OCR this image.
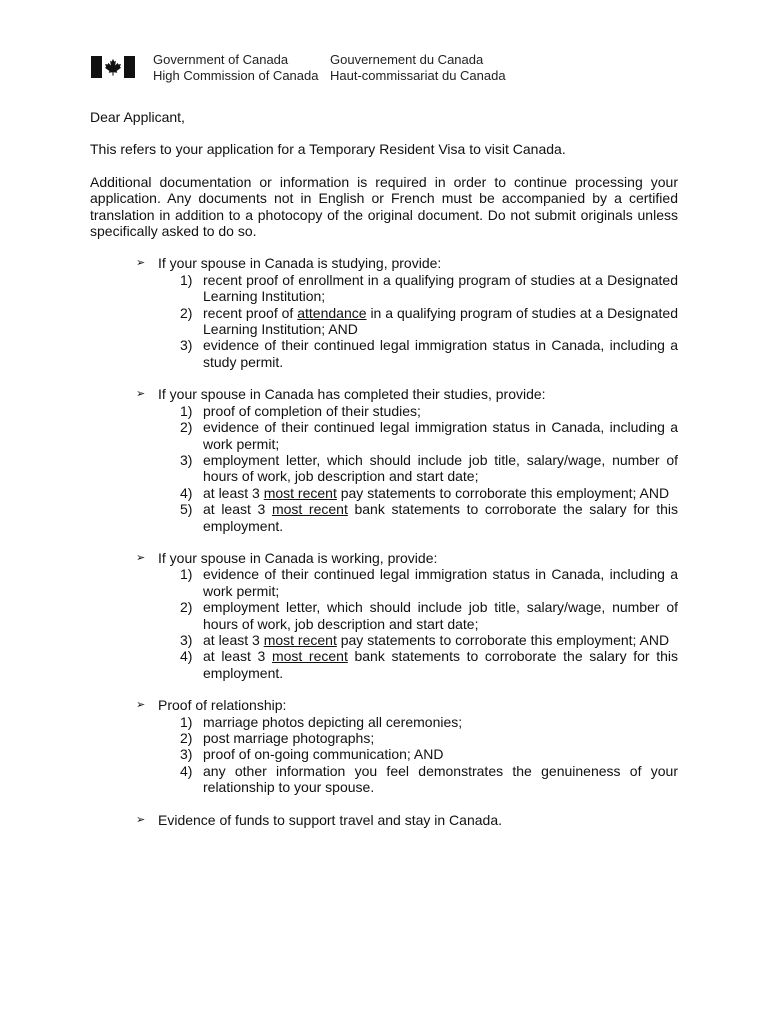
Government of Canada
High Commission of Canada
Gouvernement du Canada
Haut-commissariat du Canada

Dear Applicant,

This refers to your application for a Temporary Resident Visa to visit Canada.

Additional documentation or information is required in order to continue processing your application. Any documents not in English or French must be accompanied by a certified translation in addition to a photocopy of the original document. Do not submit originals unless specifically asked to do so.

➢ If your spouse in Canada is studying, provide:
1) recent proof of enrollment in a qualifying program of studies at a Designated Learning Institution;
2) recent proof of attendance in a qualifying program of studies at a Designated Learning Institution; AND
3) evidence of their continued legal immigration status in Canada, including a study permit.
➢ If your spouse in Canada has completed their studies, provide:
1) proof of completion of their studies;
2) evidence of their continued legal immigration status in Canada, including a work permit;
3) employment letter, which should include job title, salary/wage, number of hours of work, job description and start date;
4) at least 3 most recent pay statements to corroborate this employment; AND
5) at least 3 most recent bank statements to corroborate the salary for this employment.
➢ If your spouse in Canada is working, provide:
1) evidence of their continued legal immigration status in Canada, including a work permit;
2) employment letter, which should include job title, salary/wage, number of hours of work, job description and start date;
3) at least 3 most recent pay statements to corroborate this employment; AND
4) at least 3 most recent bank statements to corroborate the salary for this employment.
➢ Proof of relationship:
1) marriage photos depicting all ceremonies;
2) post marriage photographs;
3) proof of on-going communication; AND
4) any other information you feel demonstrates the genuineness of your relationship to your spouse.
➢ Evidence of funds to support travel and stay in Canada.
